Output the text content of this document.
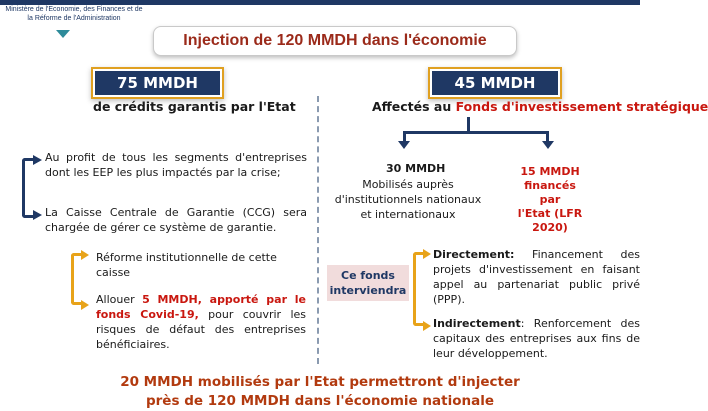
Ministère de l'Economie, des Finances et de
la Réforme de l'Administration
Injection de 120 MMDH dans l'économie
75 MMDH	45 MMDH
de crédits garantis par l'Etat	Affectés au Fonds d'investissement stratégique
Au profit de tous les segments d'entreprises dont les EEP les plus impactés par la crise;
La Caisse Centrale de Garantie (CCG) sera chargée de gérer ce système de garantie.
Réforme institutionnelle de cette caisse
Allouer 5 MMDH, apporté par le fonds Covid-19, pour couvrir les risques de défaut des entreprises bénéficiaires.
30 MMDH
Mobilisés auprès d'institutionnels nationaux et internationaux
15 MMDH
financés par
l'Etat (LFR
2020)
Ce fonds
interviendra
Directement: Financement des projets d'investissement en faisant appel au partenariat public privé (PPP).
Indirectement: Renforcement des capitaux des entreprises aux fins de leur développement.
20 MMDH mobilisés par l'Etat permettront d'injecter
près de 120 MMDH dans l'économie nationale
